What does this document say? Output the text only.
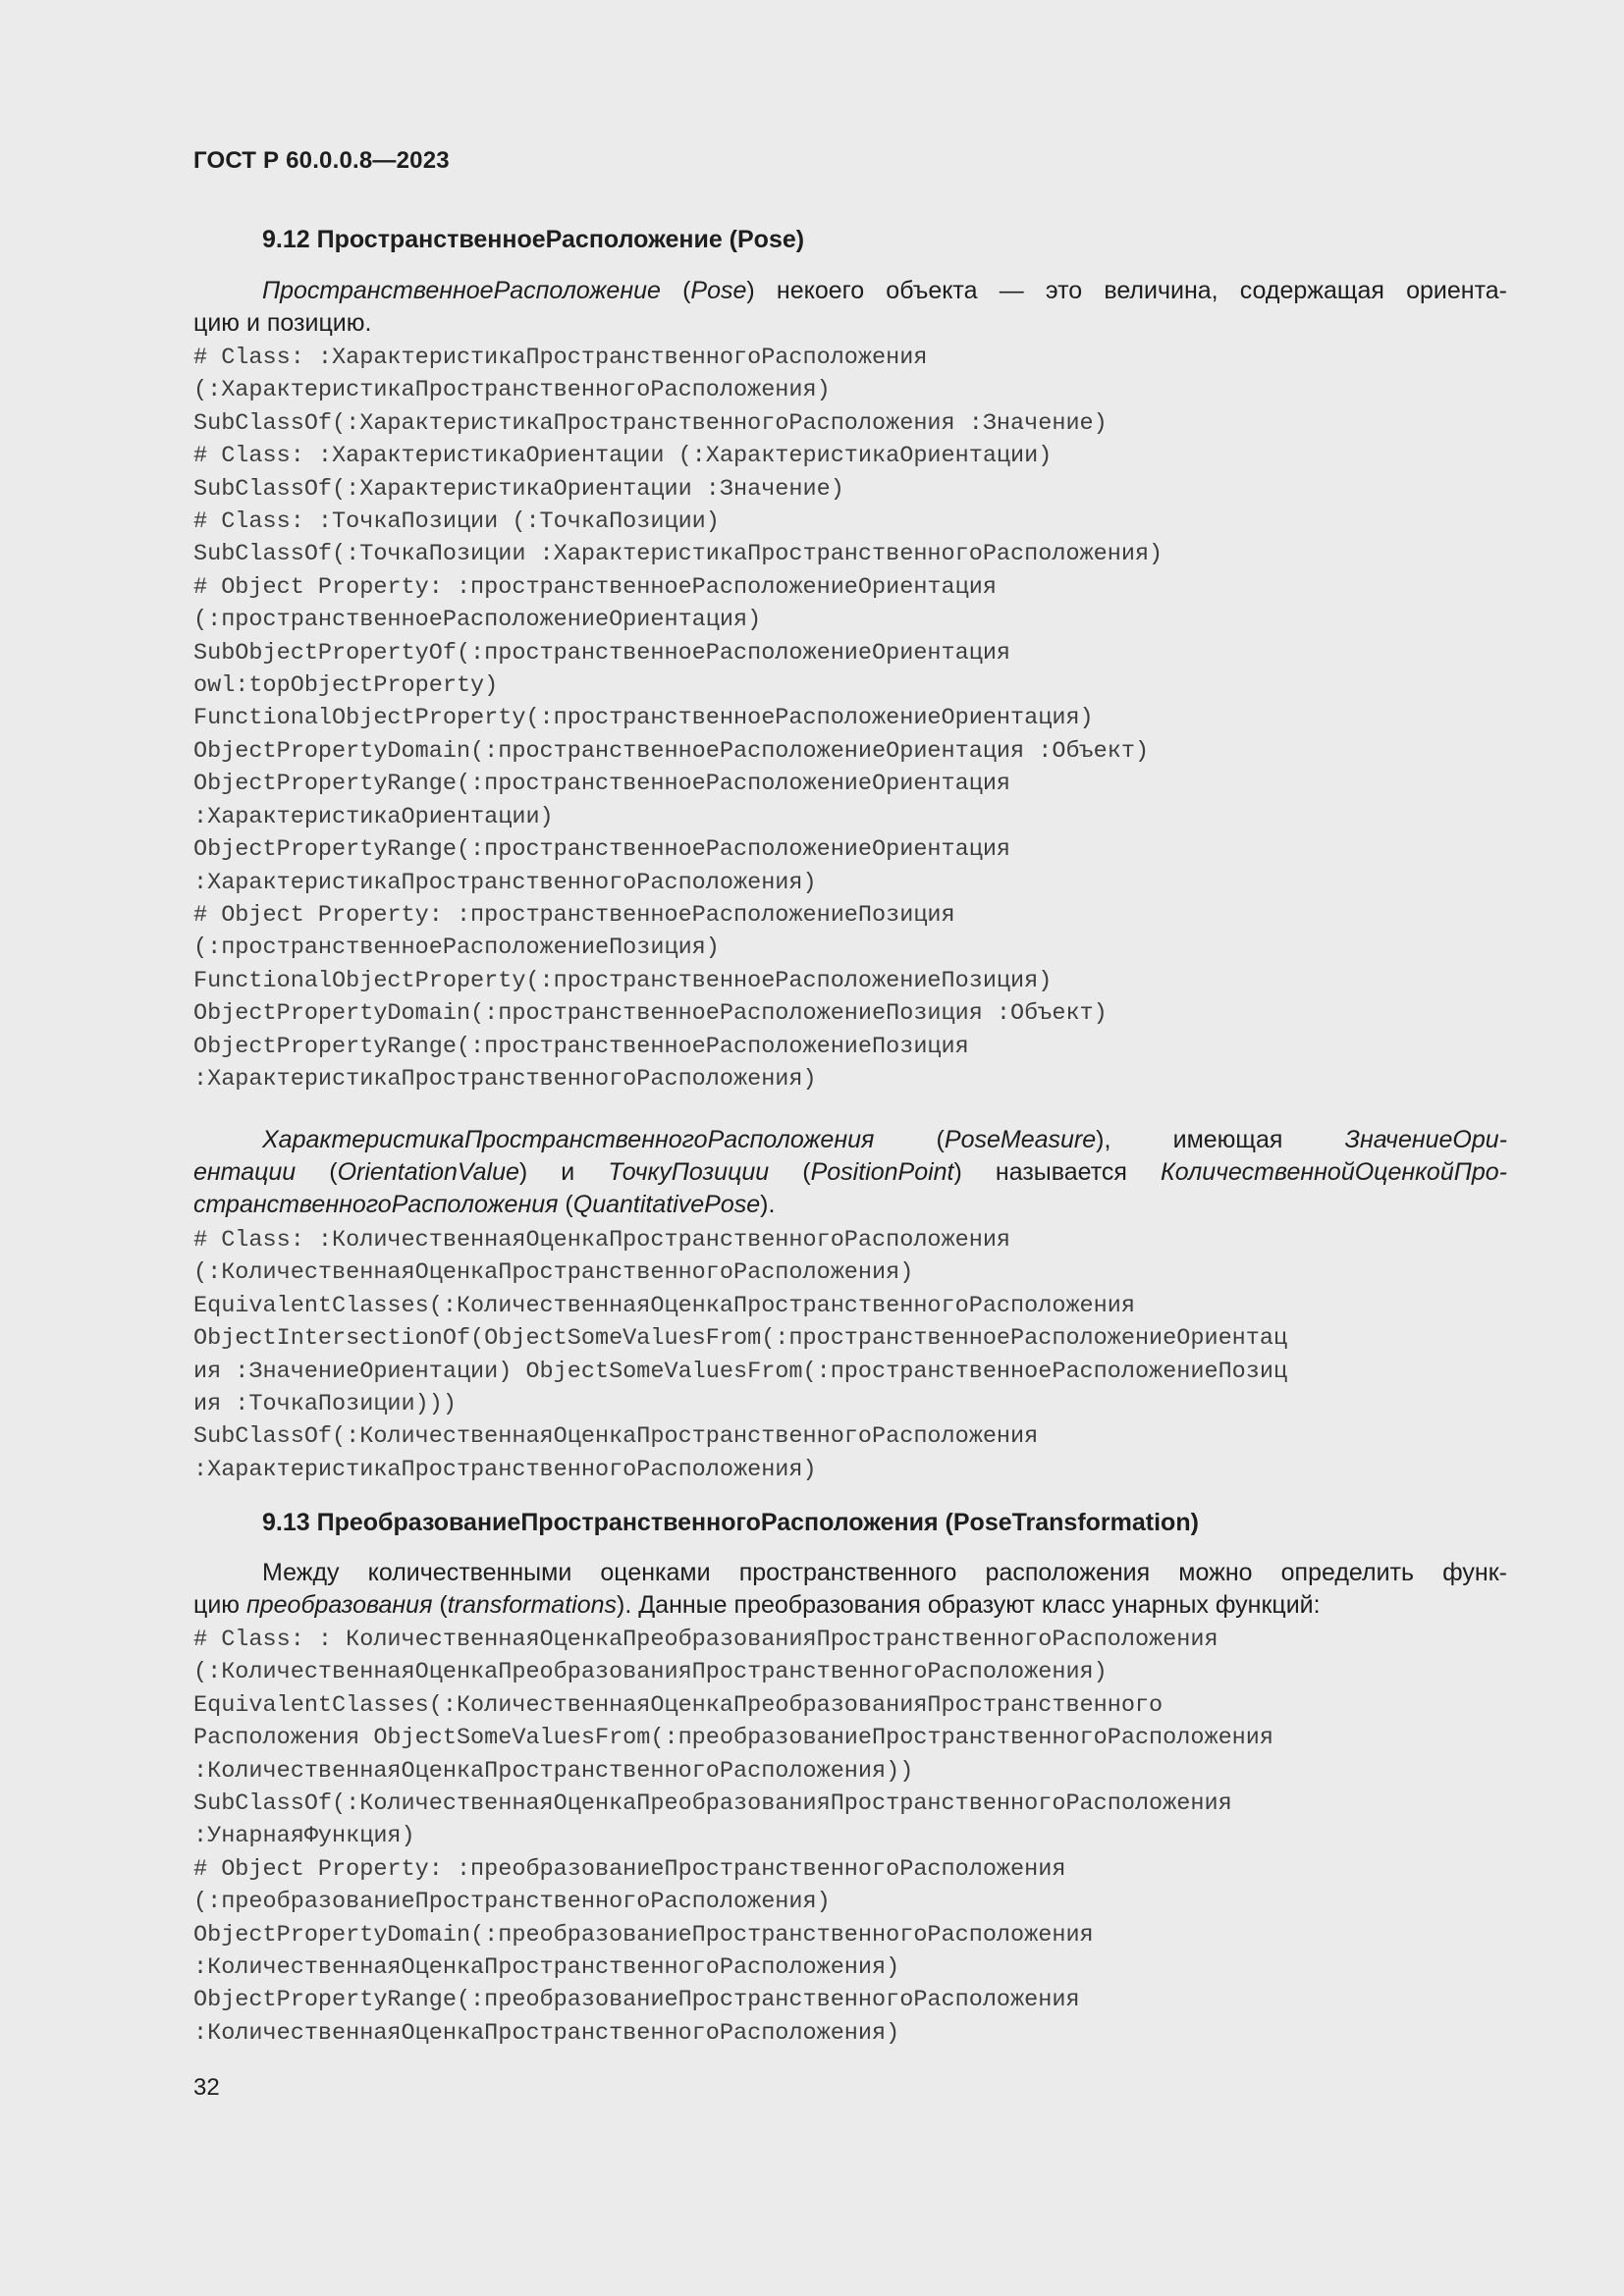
ГОСТ Р 60.0.0.8—2023
9.12 ПространственноеРасположение (Pose)

ПространственноеРасположение (Pose) некоего объекта — это величина, содержащая ориента-
цию и позицию.

# Class: :ХарактеристикаПространственногоРасположения
(:ХарактеристикаПространственногоРасположения)
SubClassOf(:ХарактеристикаПространственногоРасположения :Значение)
# Class: :ХарактеристикаОриентации (:ХарактеристикаОриентации)
SubClassOf(:ХарактеристикаОриентации :Значение)
# Class: :ТочкаПозиции (:ТочкаПозиции)
SubClassOf(:ТочкаПозиции :ХарактеристикаПространственногоРасположения)
# Object Property: :пространственноеРасположениеОриентация
(:пространственноеРасположениеОриентация)
SubObjectPropertyOf(:пространственноеРасположениеОриентация
owl:topObjectProperty)
FunctionalObjectProperty(:пространственноеРасположениеОриентация)
ObjectPropertyDomain(:пространственноеРасположениеОриентация :Объект)
ObjectPropertyRange(:пространственноеРасположениеОриентация
:ХарактеристикаОриентации)
ObjectPropertyRange(:пространственноеРасположениеОриентация
:ХарактеристикаПространственногоРасположения)
# Object Property: :пространственноеРасположениеПозиция
(:пространственноеРасположениеПозиция)
FunctionalObjectProperty(:пространственноеРасположениеПозиция)
ObjectPropertyDomain(:пространственноеРасположениеПозиция :Объект)
ObjectPropertyRange(:пространственноеРасположениеПозиция
:ХарактеристикаПространственногоРасположения)

ХарактеристикаПространственногоРасположения (PoseMeasure), имеющая ЗначениеОри-
ентации (OrientationValue) и ТочкуПозиции (PositionPoint) называется КоличественнойОценкойПро-
странственногоРасположения (QuantitativePose).

# Class: :КоличественнаяОценкаПространственногоРасположения
(:КоличественнаяОценкаПространственногоРасположения)
EquivalentClasses(:КоличественнаяОценкаПространственногоРасположения
ObjectIntersectionOf(ObjectSomeValuesFrom(:пространственноеРасположениеОриентац
ия :ЗначениеОриентации) ObjectSomeValuesFrom(:пространственноеРасположениеПозиц
ия :ТочкаПозиции)))
SubClassOf(:КоличественнаяОценкаПространственногоРасположения
:ХарактеристикаПространственногоРасположения)
9.13 ПреобразованиеПространственногоРасположения (PoseTransformation)

Между количественными оценками пространственного расположения можно определить функ-
цию преобразования (transformations). Данные преобразования образуют класс унарных функций:

# Class: : КоличественнаяОценкаПреобразованияПространственногоРасположения
(:КоличественнаяОценкаПреобразованияПространственногоРасположения)
EquivalentClasses(:КоличественнаяОценкаПреобразованияПространственного
Расположения ObjectSomeValuesFrom(:преобразованиеПространственногоРасположения
:КоличественнаяОценкаПространственногоРасположения))
SubClassOf(:КоличественнаяОценкаПреобразованияПространственногоРасположения
:УнарнаяФункция)
# Object Property: :преобразованиеПространственногоРасположения
(:преобразованиеПространственногоРасположения)
ObjectPropertyDomain(:преобразованиеПространственногоРасположения
:КоличественнаяОценкаПространственногоРасположения)
ObjectPropertyRange(:преобразованиеПространственногоРасположения
:КоличественнаяОценкаПространственногоРасположения)
32
